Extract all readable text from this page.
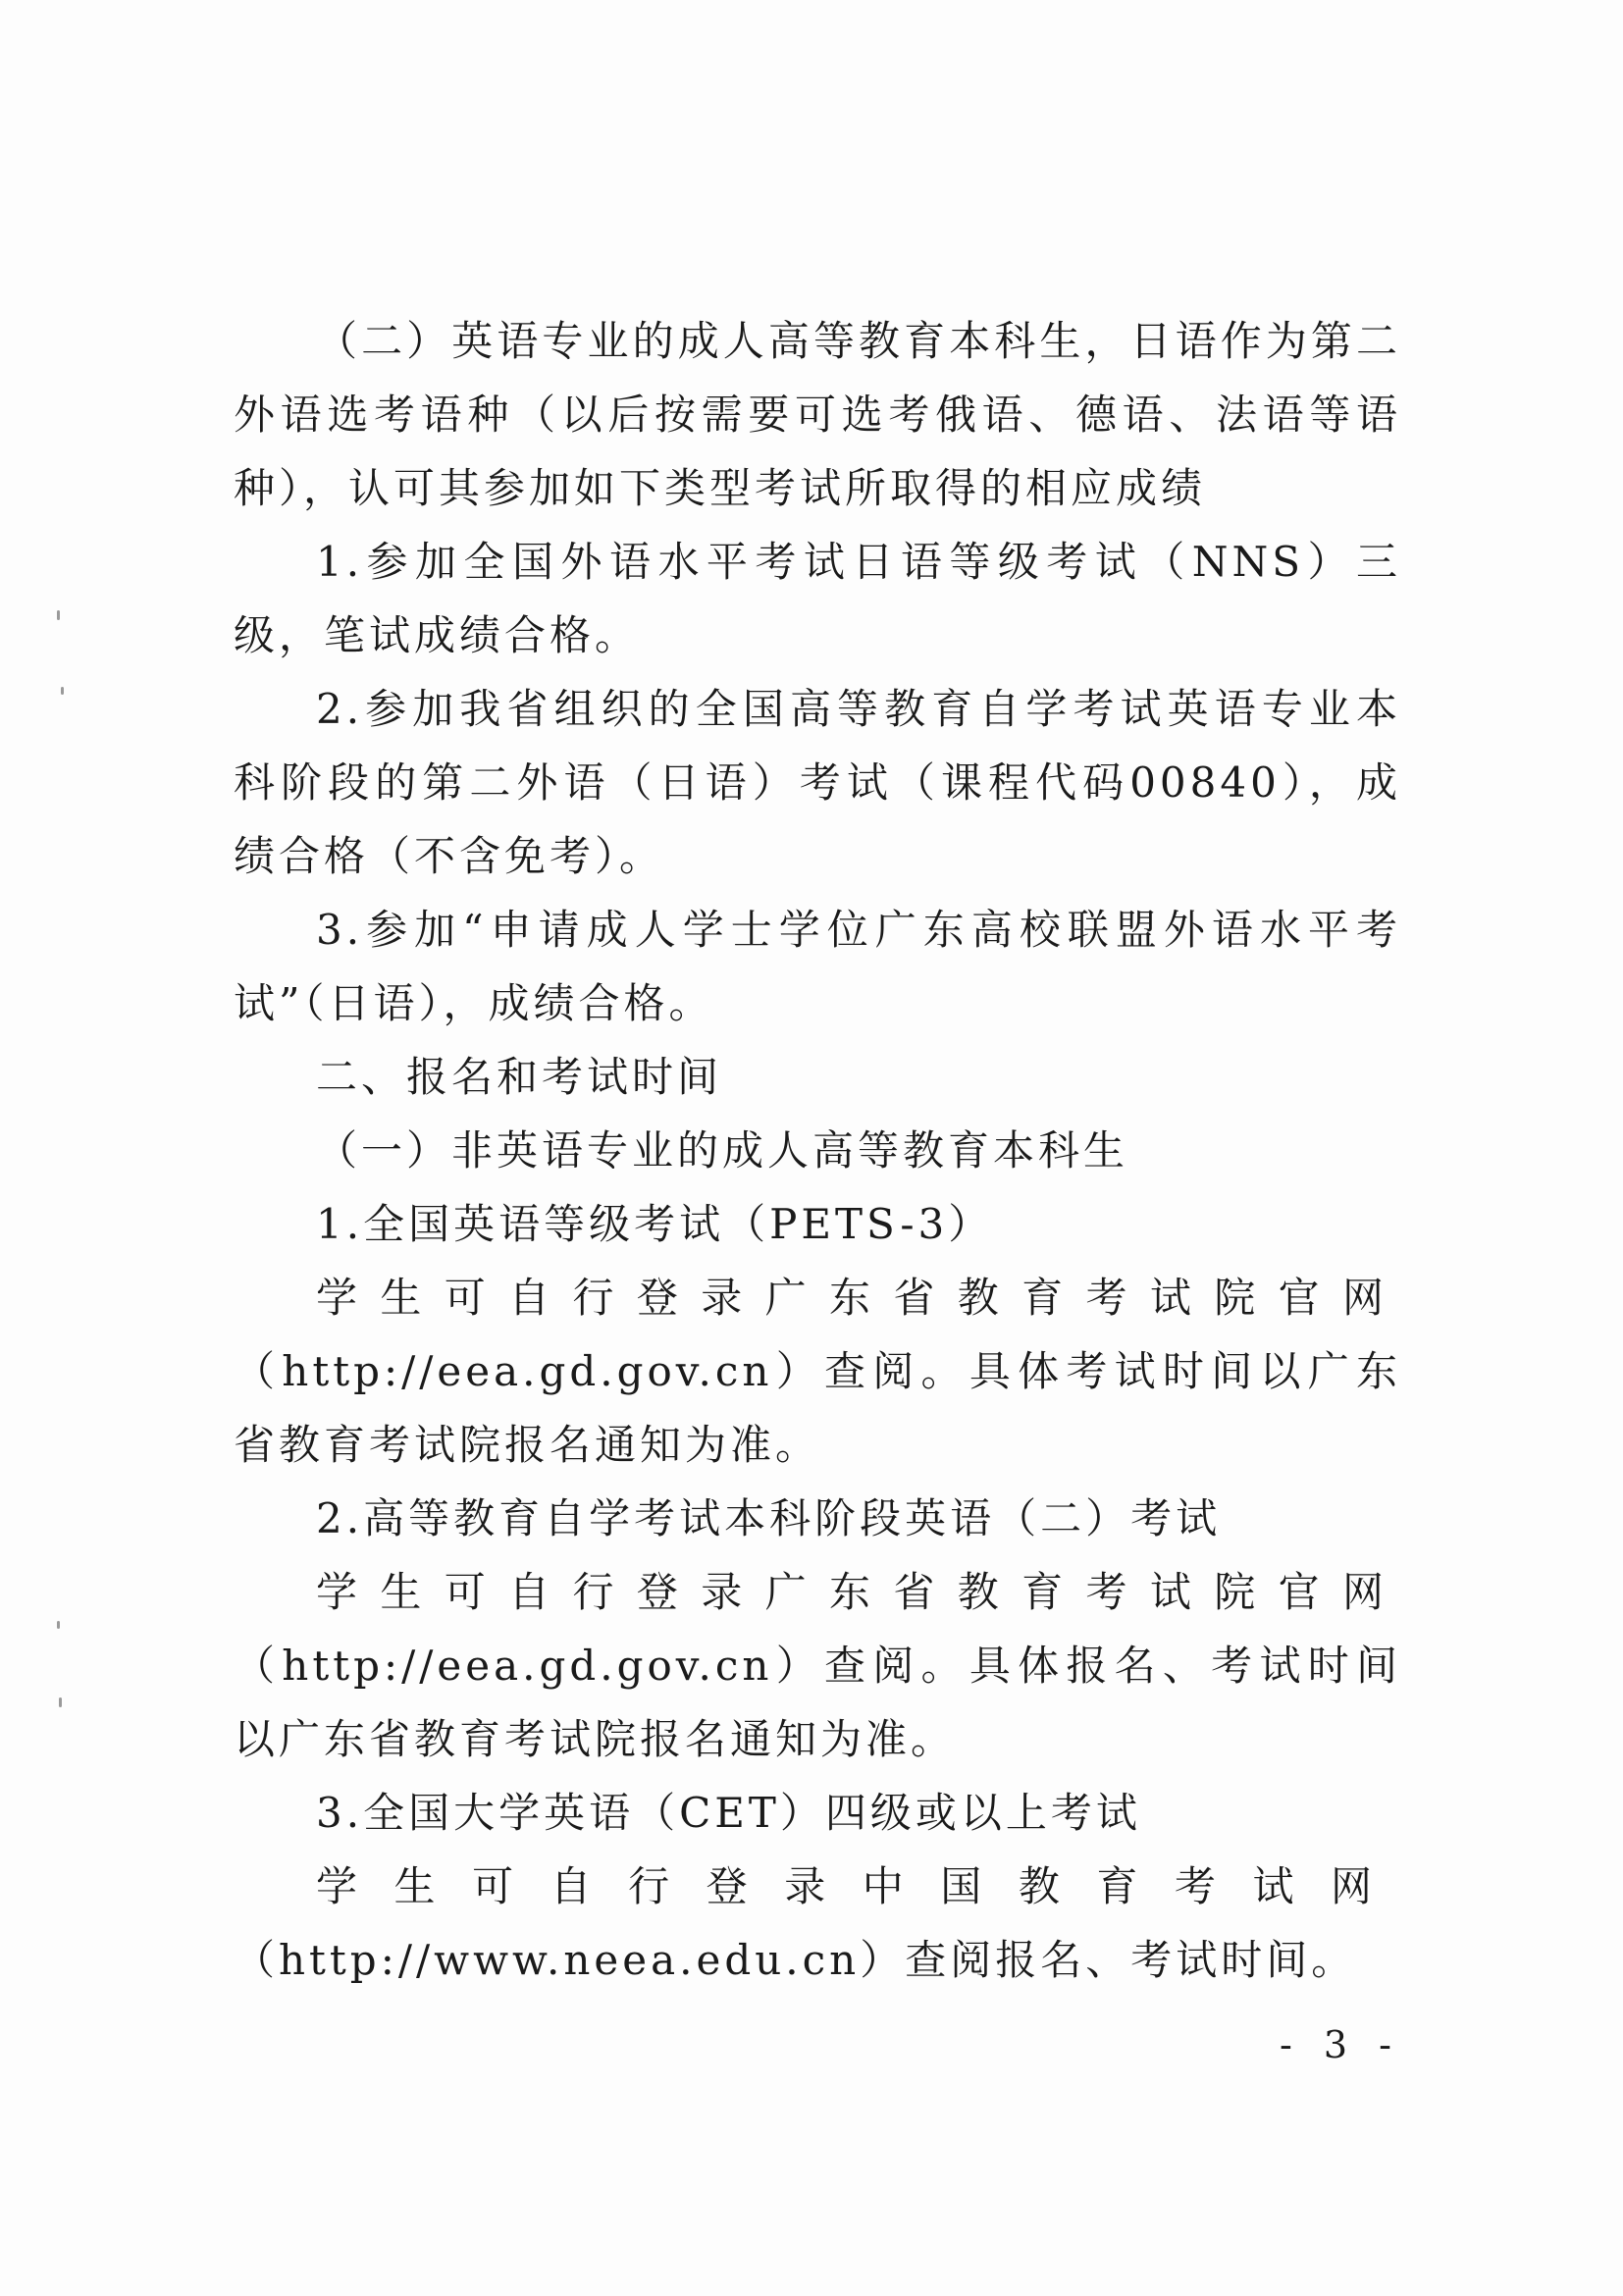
（二）英语专业的成人高等教育本科生，日语作为第二外语选考语种（以后按需要可选考俄语、德语、法语等语种），认可其参加如下类型考试所取得的相应成绩

1.参加全国外语水平考试日语等级考试（NNS）三级，笔试成绩合格。

2.参加我省组织的全国高等教育自学考试英语专业本科阶段的第二外语（日语）考试（课程代码00840），成绩合格（不含免考）。

3.参加“申请成人学士学位广东高校联盟外语水平考试”（日语），成绩合格。

二、报名和考试时间

（一）非英语专业的成人高等教育本科生

1.全国英语等级考试（PETS-3）

学生可自行登录广东省教育考试院官网

（http://eea.gd.gov.cn）查阅。具体考试时间以广东省教育考试院报名通知为准。

2.高等教育自学考试本科阶段英语（二）考试

学生可自行登录广东省教育考试院官网

（http://eea.gd.gov.cn）查阅。具体报名、考试时间以广东省教育考试院报名通知为准。

3.全国大学英语（CET）四级或以上考试

学生可自行登录中国教育考试网

（http://www.neea.edu.cn）查阅报名、考试时间。

- 3 -
